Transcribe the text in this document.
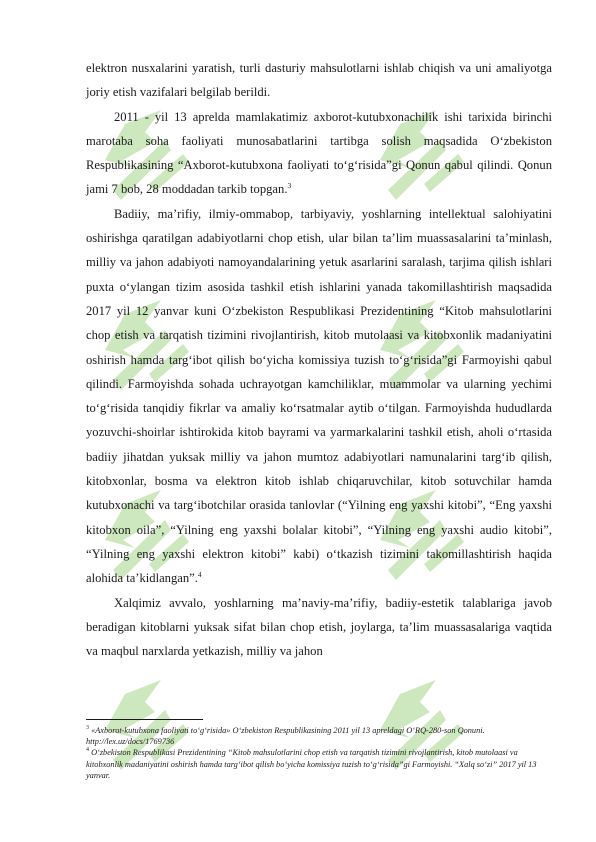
elektron nusxalarini yaratish, turli dasturiy mahsulotlarni ishlab chiqish va uni amaliyotga joriy etish vazifalari belgilab berildi.

2011 - yil 13 aprelda mamlakatimiz axborot-kutubxonachilik ishi tarixida birinchi marotaba soha faoliyati munosabatlarini tartibga solish maqsadida O‘zbekiston Respublikasining “Axborot-kutubxona faoliyati to‘g‘risida”gi Qonun qabul qilindi. Qonun jami 7 bob, 28 moddadan tarkib topgan.$^3$

Badiiy, ma’rifiy, ilmiy-ommabop, tarbiyaviy, yoshlarning intellektual salohiyatini oshirishga qaratilgan adabiyotlarni chop etish, ular bilan ta’lim muassasalarini ta’minlash, milliy va jahon adabiyoti namoyandalarining yetuk asarlarini saralash, tarjima qilish ishlari puxta o‘ylangan tizim asosida tashkil etish ishlarini yanada takomillashtirish maqsadida 2017 yil 12 yanvar kuni O‘zbekiston Respublikasi Prezidentining “Kitob mahsulotlarini chop etish va tarqatish tizimini rivojlantirish, kitob mutolaasi va kitobxonlik madaniyatini oshirish hamda targ‘ibot qilish bo‘yicha komissiya tuzish to‘g‘risida”gi Farmoyishi qabul qilindi. Farmoyishda sohada uchrayotgan kamchiliklar, muammolar va ularning yechimi to‘g‘risida tanqidiy fikrlar va amaliy ko‘rsatmalar aytib o‘tilgan. Farmoyishda hududlarda yozuvchi-shoirlar ishtirokida kitob bayrami va yarmarkalarini tashkil etish, aholi o‘rtasida badiiy jihatdan yuksak milliy va jahon mumtoz adabiyotlari namunalarini targ‘ib qilish, kitobxonlar, bosma va elektron kitob ishlab chiqaruvchilar, kitob sotuvchilar hamda kutubxonachi va targ‘ibotchilar orasida tanlovlar (“Yilning eng yaxshi kitobi”, “Eng yaxshi kitobxon oila”, “Yilning eng yaxshi bolalar kitobi”, “Yilning eng yaxshi audio kitobi”, “Yilning eng yaxshi elektron kitobi” kabi) o‘tkazish tizimini takomillashtirish haqida alohida ta’kidlangan”.$^4$

Xalqimiz avvalo, yoshlarning ma’naviy-ma’rifiy, badiiy-estetik talablariga javob beradigan kitoblarni yuksak sifat bilan chop etish, joylarga, ta’lim muassasalariga vaqtida va maqbul narxlarda yetkazish, milliy va jahon

$^3$ «Axborot-kutubxona faoliyati to‘g‘risida» O‘zbekiston Respublikasining 2011 yil 13 apreldagi O‘RQ-280-son Qonuni. http://lex.uz/docs/1769736

$^4$ O‘zbekiston Respublikasi Prezidentining “Kitob mahsulotlarini chop etish va tarqatish tizimini rivojlantirish, kitob mutolaasi va kitobxonlik madaniyatini oshirish hamda targ‘ibot qilish bo‘yicha komissiya tuzish to‘g‘risida”gi Farmoyishi. “Xalq so‘zi” 2017 yil 13 yanvar.
